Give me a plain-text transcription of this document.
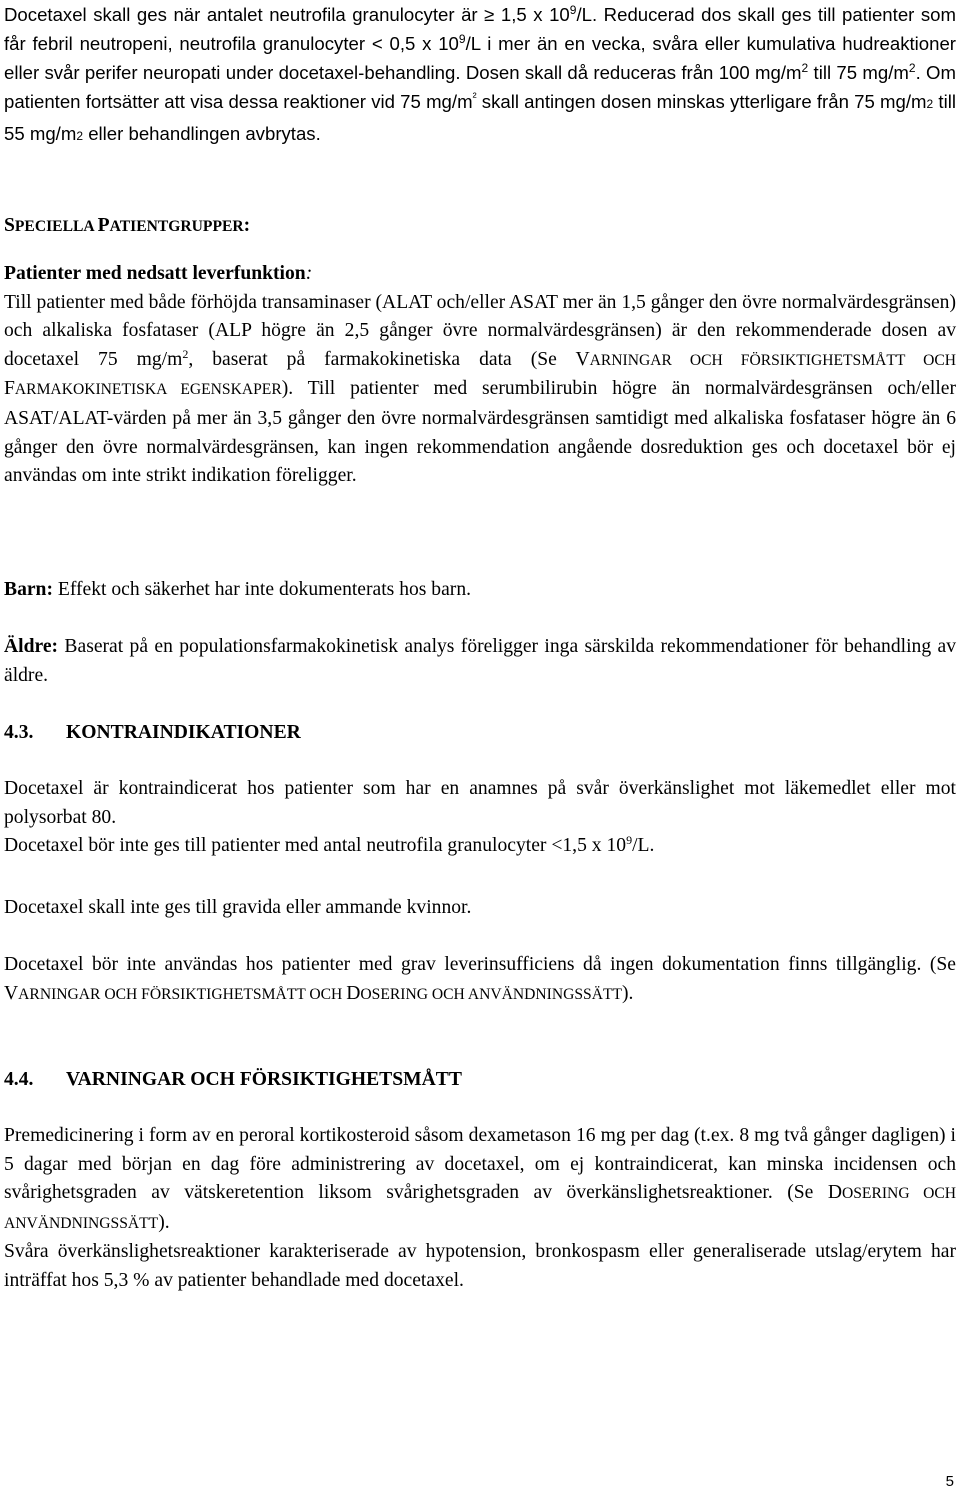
Docetaxel skall ges när antalet neutrofila granulocyter är ≥ 1,5 x $10^9/L$. Reducerad dos skall ges till patienter som får febril neutropeni, neutrofila granulocyter < 0,5 x $10^9/L$ i mer än en vecka, svåra eller kumulativa hudreaktioner eller svår perifer neuropati under docetaxel-behandling. Dosen skall då reduceras från 100 $mg/m^2$ till 75 $mg/m^2$. Om patienten fortsätter att visa dessa reaktioner vid 75 $mg/m^{^2}$ skall antingen dosen minskas ytterligare från 75 mg/m2 till 55 mg/m2 eller behandlingen avbrytas.

SPECIELLA PATIENTGRUPPER:

Patienter med nedsatt leverfunktion:

Till patienter med både förhöjda transaminaser (ALAT och/eller ASAT mer än 1,5 gånger den övre normalvärdesgränsen) och alkaliska fosfataser (ALP högre än 2,5 gånger övre normalvärdesgränsen) är den rekommenderade dosen av docetaxel 75 $mg/m^2$, baserat på farmakokinetiska data (Se VARNINGAR OCH FÖRSIKTIGHETSMÅTT OCH FARMAKOKINETISKA EGENSKAPER). Till patienter med serumbilirubin högre än normalvärdesgränsen och/eller ASAT/ALAT-värden på mer än 3,5 gånger den övre normalvärdesgränsen samtidigt med alkaliska fosfataser högre än 6 gånger den övre normalvärdesgränsen, kan ingen rekommendation angående dosreduktion ges och docetaxel bör ej användas om inte strikt indikation föreligger.

Barn: Effekt och säkerhet har inte dokumenterats hos barn.

Äldre: Baserat på en populationsfarmakokinetisk analys föreligger inga särskilda rekommendationer för behandling av äldre.

4.3. KONTRAINDIKATIONER

Docetaxel är kontraindicerat hos patienter som har en anamnes på svår överkänslighet mot läkemedlet eller mot polysorbat 80.
Docetaxel bör inte ges till patienter med antal neutrofila granulocyter <1,5 x $10^9/L$.

Docetaxel skall inte ges till gravida eller ammande kvinnor.

Docetaxel bör inte användas hos patienter med grav leverinsufficiens då ingen dokumentation finns tillgänglig. (Se VARNINGAR OCH FÖRSIKTIGHETSMÅTT OCH DOSERING OCH ANVÄNDNINGSSÄTT).

4.4. VARNINGAR OCH FÖRSIKTIGHETSMÅTT

Premedicinering i form av en peroral kortikosteroid såsom dexametason 16 mg per dag (t.ex. 8 mg två gånger dagligen) i 5 dagar med början en dag före administrering av docetaxel, om ej kontraindicerat, kan minska incidensen och svårighetsgraden av vätskeretention liksom svårighetsgraden av överkänslighetsreaktioner. (Se DOSERING OCH ANVÄNDNINGSSÄTT).
Svåra överkänslighetsreaktioner karakteriserade av hypotension, bronkospasm eller generaliserade utslag/erytem har inträffat hos 5,3 % av patienter behandlade med docetaxel.

5
